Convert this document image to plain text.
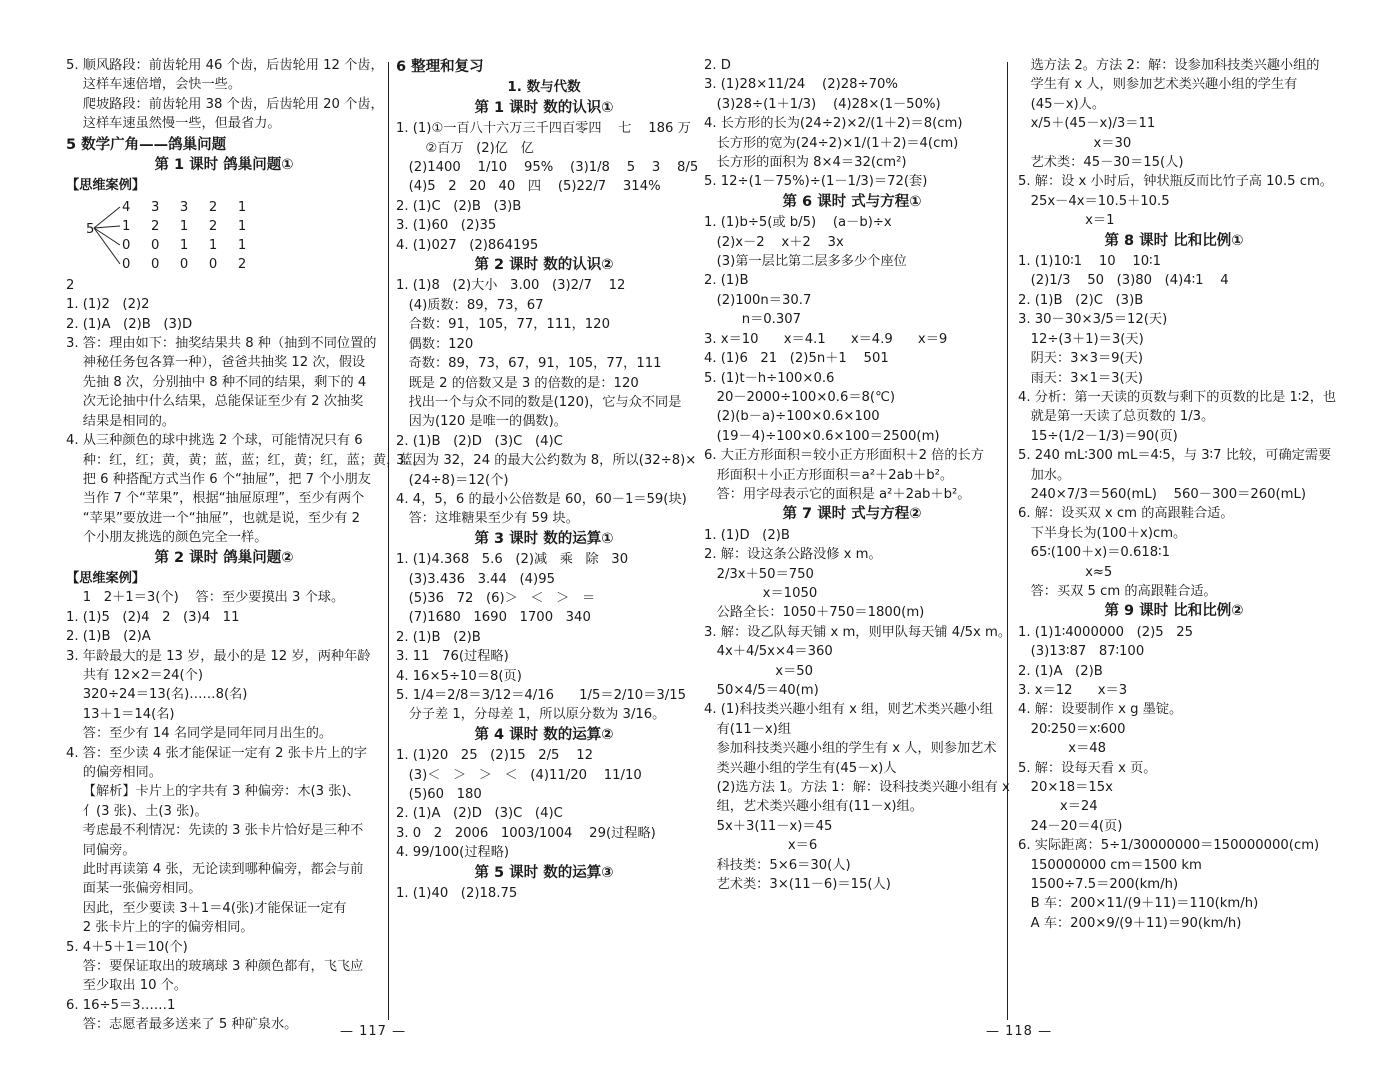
5. 顺风路段：前齿轮用 46 个齿，后齿轮用 12 个齿，
这样车速倍增，会快一些。
爬坡路段：前齿轮用 38 个齿，后齿轮用 20 个齿，
这样车速虽然慢一些，但最省力。
5 数学广角——鸽巢问题
第 1 课时 鸽巢问题①
【思维案例】
5
4   3   3   2   1
1   2   1   2   1
0   0   1   1   1
0   0   0   0   2
2
1. (1)2   (2)2
2. (1)A   (2)B   (3)D
3. 答：理由如下：抽奖结果共 8 种（抽到不同位置的
神秘任务包各算一种），爸爸共抽奖 12 次，假设
先抽 8 次，分别抽中 8 种不同的结果，剩下的 4
次无论抽中什么结果，总能保证至少有 2 次抽奖
结果是相同的。
4. 从三种颜色的球中挑选 2 个球，可能情况只有 6
种：红，红；黄，黄；蓝，蓝；红，黄；红，蓝；黄，蓝。
把 6 种搭配方式当作 6 个“抽屉”，把 7 个小朋友
当作 7 个“苹果”，根据“抽屉原理”，至少有两个
“苹果”要放进一个“抽屉”，也就是说，至少有 2
个小朋友挑选的颜色完全一样。
第 2 课时 鸽巢问题②
【思维案例】
1   2＋1＝3(个)    答：至少要摸出 3 个球。
1. (1)5   (2)4   2   (3)4   11
2. (1)B   (2)A
3. 年龄最大的是 13 岁，最小的是 12 岁，两种年龄
共有 12×2＝24(个)
320÷24＝13(名)……8(名)
13＋1＝14(名)
答：至少有 14 名同学是同年同月出生的。
4. 答：至少读 4 张才能保证一定有 2 张卡片上的字
的偏旁相同。
【解析】卡片上的字共有 3 种偏旁：木(3 张)、
亻(3 张)、土(3 张)。
考虑最不利情况：先读的 3 张卡片恰好是三种不
同偏旁。
此时再读第 4 张，无论读到哪种偏旁，都会与前
面某一张偏旁相同。
因此，至少要读 3＋1＝4(张)才能保证一定有
2 张卡片上的字的偏旁相同。
5. 4＋5＋1＝10(个)
答：要保证取出的玻璃球 3 种颜色都有，飞飞应
至少取出 10 个。
6. 16÷5＝3……1
答：志愿者最多送来了 5 种矿泉水。
6 整理和复习
1. 数与代数
第 1 课时 数的认识①
1. (1)①一百八十六万三千四百零四    七    186 万
②百万   (2)亿   亿
(2)1400    1/10    95%    (3)1/8    5    3    8/5
(4)5   2   20   40   四    (5)22/7    314%
2. (1)C   (2)B   (3)B
3. (1)60   (2)35
4. (1)027   (2)864195
第 2 课时 数的认识②
1. (1)8   (2)大小   3.00   (3)2/7    12
(4)质数：89，73，67
合数：91，105，77，111，120
偶数：120
奇数：89，73，67，91，105，77，111
既是 2 的倍数又是 3 的倍数的是：120
找出一个与众不同的数是(120)，它与众不同是
因为(120 是唯一的偶数)。
2. (1)B   (2)D   (3)C   (4)C
3. 因为 32，24 的最大公约数为 8，所以(32÷8)×
(24÷8)＝12(个)
4. 4，5，6 的最小公倍数是 60，60－1＝59(块)
答：这堆糖果至少有 59 块。
第 3 课时 数的运算①
1. (1)4.368   5.6   (2)减   乘   除   30
(3)3.436   3.44   (4)95
(5)36   72   (6)＞   ＜   ＞   ＝
(7)1680   1690   1700   340
2. (1)B   (2)B
3. 11   76(过程略)
4. 16×5÷10＝8(页)
5. 1/4＝2/8＝3/12＝4/16      1/5＝2/10＝3/15
分子差 1，分母差 1，所以原分数为 3/16。
第 4 课时 数的运算②
1. (1)20   25   (2)15   2/5    12
(3)＜   ＞   ＞   ＜   (4)11/20    11/10
(5)60   180
2. (1)A   (2)D   (3)C   (4)C
3. 0   2   2006   1003/1004    29(过程略)
4. 99/100(过程略)
第 5 课时 数的运算③
1. (1)40   (2)18.75
2. D
3. (1)28×11/24    (2)28÷70%
(3)28÷(1＋1/3)    (4)28×(1－50%)
4. 长方形的长为(24÷2)×2/(1＋2)＝8(cm)
长方形的宽为(24÷2)×1/(1＋2)＝4(cm)
长方形的面积为 8×4＝32(cm²)
5. 12÷(1－75%)÷(1－1/3)＝72(套)
第 6 课时 式与方程①
1. (1)b÷5(或 b/5)    (a－b)÷x
(2)x－2    x＋2    3x
(3)第一层比第二层多多少个座位
2. (1)B
(2)100n＝30.7
n＝0.307
3. x＝10      x＝4.1      x＝4.9      x＝9
4. (1)6   21   (2)5n＋1    501
5. (1)t－h÷100×0.6
20－2000÷100×0.6＝8(℃)
(2)(b－a)÷100×0.6×100
(19－4)÷100×0.6×100＝2500(m)
6. 大正方形面积＝较小正方形面积＋2 倍的长方
形面积＋小正方形面积＝a²＋2ab＋b²。
答：用字母表示它的面积是 a²＋2ab＋b²。
第 7 课时 式与方程②
1. (1)D   (2)B
2. 解：设这条公路没修 x m。
2/3x＋50＝750
x＝1050
公路全长：1050＋750＝1800(m)
3. 解：设乙队每天铺 x m，则甲队每天铺 4/5x m。
4x＋4/5x×4＝360
x＝50
50×4/5＝40(m)
4. (1)科技类兴趣小组有 x 组，则艺术类兴趣小组
有(11－x)组
参加科技类兴趣小组的学生有 x 人，则参加艺术
类兴趣小组的学生有(45－x)人
(2)选方法 1。方法 1：解：设科技类兴趣小组有 x
组，艺术类兴趣小组有(11－x)组。
5x＋3(11－x)＝45
x＝6
科技类：5×6＝30(人)
艺术类：3×(11－6)＝15(人)
选方法 2。方法 2：解：设参加科技类兴趣小组的
学生有 x 人，则参加艺术类兴趣小组的学生有
(45－x)人。
x/5＋(45－x)/3＝11
x＝30
艺术类：45－30＝15(人)
5. 解：设 x 小时后，钟状瓶反而比竹子高 10.5 cm。
25x－4x＝10.5＋10.5
x＝1
第 8 课时 比和比例①
1. (1)10∶1    10    10∶1
(2)1/3    50   (3)80   (4)4∶1    4
2. (1)B   (2)C   (3)B
3. 30－30×3/5＝12(天)
12÷(3＋1)＝3(天)
阴天：3×3＝9(天)
雨天：3×1＝3(天)
4. 分析：第一天读的页数与剩下的页数的比是 1∶2，也
就是第一天读了总页数的 1/3。
15÷(1/2－1/3)＝90(页)
5. 240 mL∶300 mL＝4∶5，与 3∶7 比较，可确定需要
加水。
240×7/3＝560(mL)    560－300＝260(mL)
6. 解：设买双 x cm 的高跟鞋合适。
下半身长为(100＋x)cm。
65∶(100＋x)＝0.618∶1
x≈5
答：买双 5 cm 的高跟鞋合适。
第 9 课时 比和比例②
1. (1)1∶4000000   (2)5   25
(3)13∶87   87∶100
2. (1)A   (2)B
3. x＝12      x＝3
4. 解：设要制作 x g 墨锭。
20∶250＝x∶600
x＝48
5. 解：设每天看 x 页。
20×18＝15x
x＝24
24－20＝4(页)
6. 实际距离：5÷1/30000000＝150000000(cm)
150000000 cm＝1500 km
1500÷7.5＝200(km/h)
B 车：200×11/(9＋11)＝110(km/h)
A 车：200×9/(9＋11)＝90(km/h)
— 117 —	— 118 —
